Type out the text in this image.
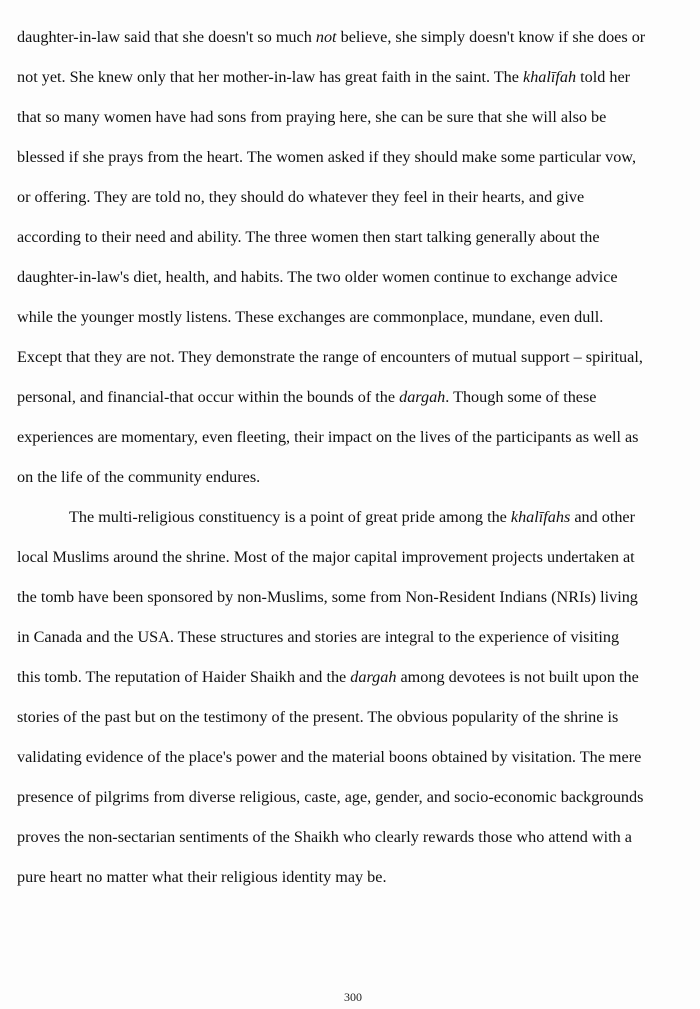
daughter-in-law said that she doesn't so much not believe, she simply doesn't know if she does or
not yet. She knew only that her mother-in-law has great faith in the saint. The khalīfah told her
that so many women have had sons from praying here, she can be sure that she will also be
blessed if she prays from the heart. The women asked if they should make some particular vow,
or offering. They are told no, they should do whatever they feel in their hearts, and give
according to their need and ability. The three women then start talking generally about the
daughter-in-law's diet, health, and habits. The two older women continue to exchange advice
while the younger mostly listens. These exchanges are commonplace, mundane, even dull.
Except that they are not. They demonstrate the range of encounters of mutual support – spiritual,
personal, and financial-that occur within the bounds of the dargah. Though some of these
experiences are momentary, even fleeting, their impact on the lives of the participants as well as
on the life of the community endures.
The multi-religious constituency is a point of great pride among the khalīfahs and other
local Muslims around the shrine. Most of the major capital improvement projects undertaken at
the tomb have been sponsored by non-Muslims, some from Non-Resident Indians (NRIs) living
in Canada and the USA. These structures and stories are integral to the experience of visiting
this tomb. The reputation of Haider Shaikh and the dargah among devotees is not built upon the
stories of the past but on the testimony of the present. The obvious popularity of the shrine is
validating evidence of the place's power and the material boons obtained by visitation. The mere
presence of pilgrims from diverse religious, caste, age, gender, and socio-economic backgrounds
proves the non-sectarian sentiments of the Shaikh who clearly rewards those who attend with a
pure heart no matter what their religious identity may be.
300
